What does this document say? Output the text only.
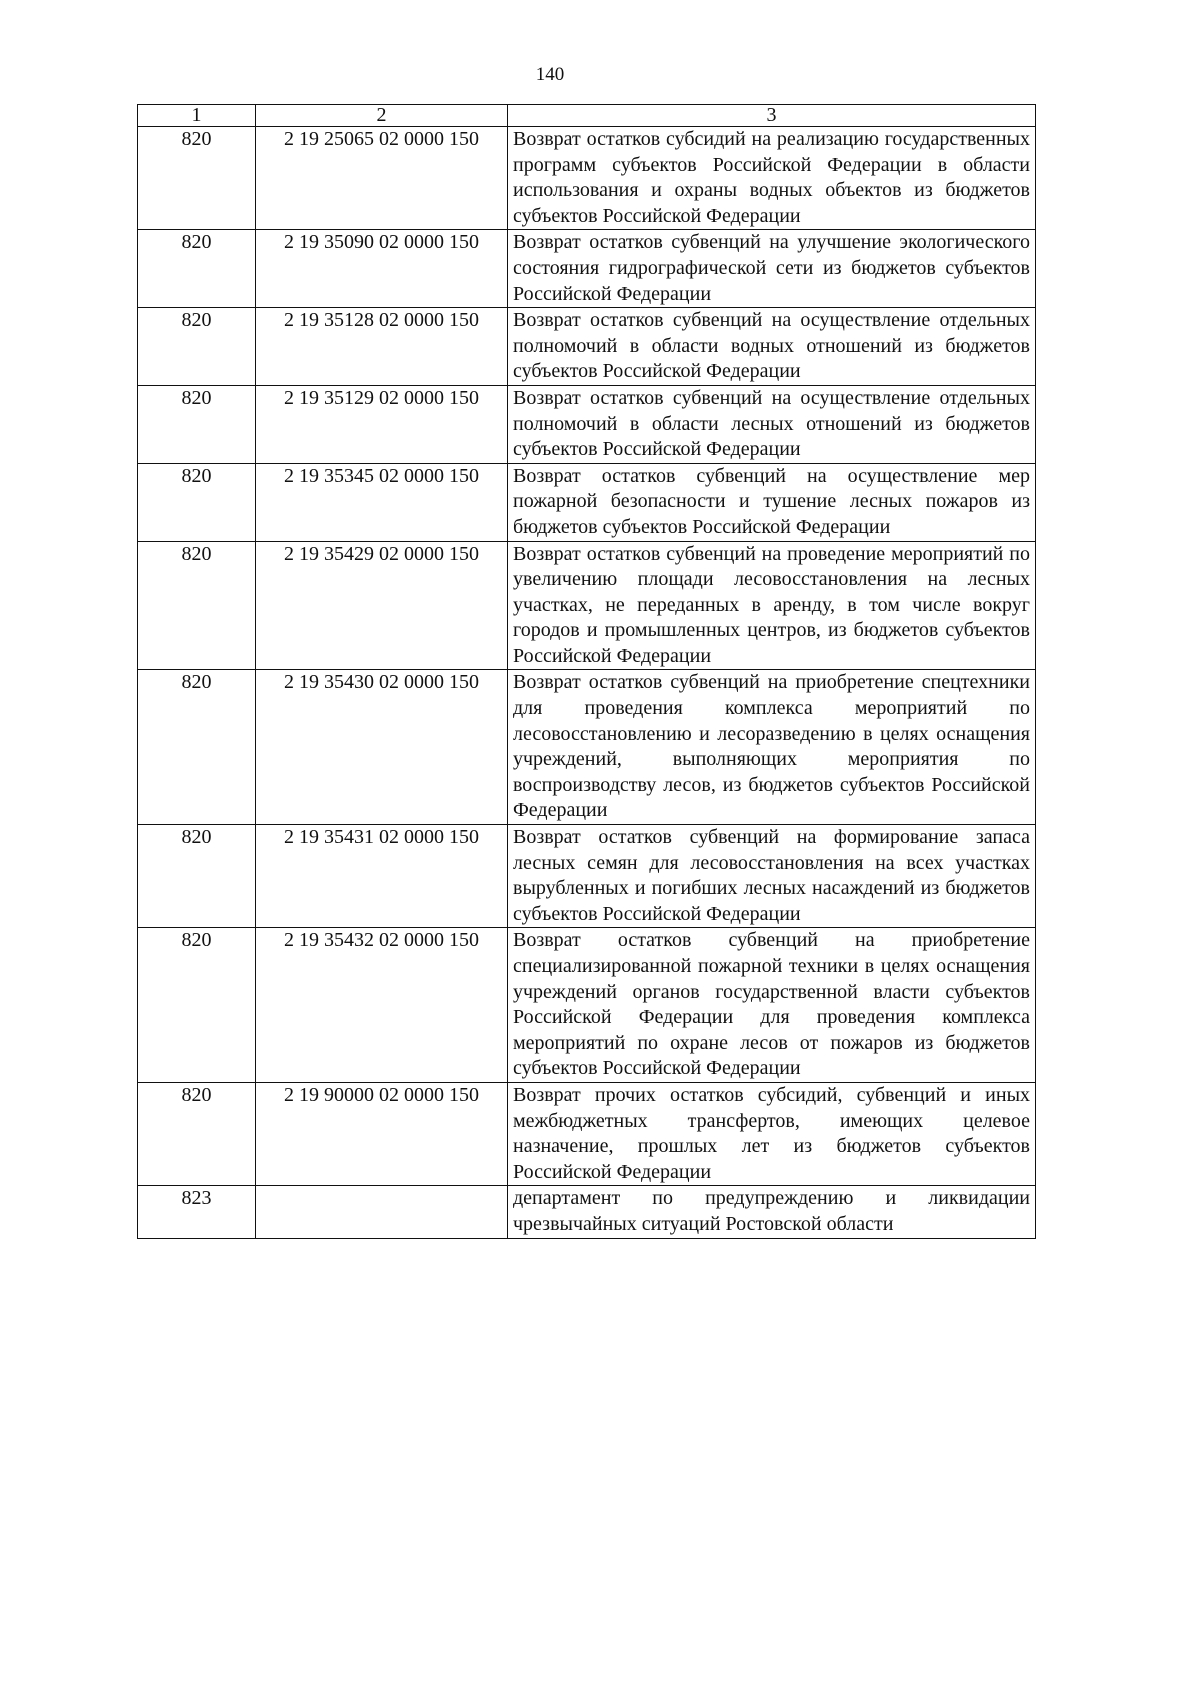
140
1	2	3
820	2 19 25065 02 0000 150	Возврат остатков субсидий на реализацию государственных программ субъектов Российской Федерации в области использования и охраны водных объектов из бюджетов субъектов Российской Федерации
820	2 19 35090 02 0000 150	Возврат остатков субвенций на улучшение экологического состояния гидрографической сети из бюджетов субъектов Российской Федерации
820	2 19 35128 02 0000 150	Возврат остатков субвенций на осуществление отдельных полномочий в области водных отношений из бюджетов субъектов Российской Федерации
820	2 19 35129 02 0000 150	Возврат остатков субвенций на осуществление отдельных полномочий в области лесных отношений из бюджетов субъектов Российской Федерации
820	2 19 35345 02 0000 150	Возврат остатков субвенций на осуществление мер пожарной безопасности и тушение лесных пожаров из бюджетов субъектов Российской Федерации
820	2 19 35429 02 0000 150	Возврат остатков субвенций на проведение мероприятий по увеличению площади лесовосстановления на лесных участках, не переданных в аренду, в том числе вокруг городов и промышленных центров, из бюджетов субъектов Российской Федерации
820	2 19 35430 02 0000 150	Возврат остатков субвенций на приобретение спецтехники для проведения комплекса мероприятий по лесовосстановлению и лесоразведению в целях оснащения учреждений, выполняющих мероприятия по воспроизводству лесов, из бюджетов субъектов Российской Федерации
820	2 19 35431 02 0000 150	Возврат остатков субвенций на формирование запаса лесных семян для лесовосстановления на всех участках вырубленных и погибших лесных насаждений из бюджетов субъектов Российской Федерации
820	2 19 35432 02 0000 150	Возврат остатков субвенций на приобретение специализированной пожарной техники в целях оснащения учреждений органов государственной власти субъектов Российской Федерации для проведения комплекса мероприятий по охране лесов от пожаров из бюджетов субъектов Российской Федерации
820	2 19 90000 02 0000 150	Возврат прочих остатков субсидий, субвенций и иных межбюджетных трансфертов, имеющих целевое назначение, прошлых лет из бюджетов субъектов Российской Федерации
823		департамент по предупреждению и ликвидации чрезвычайных ситуаций Ростовской области
